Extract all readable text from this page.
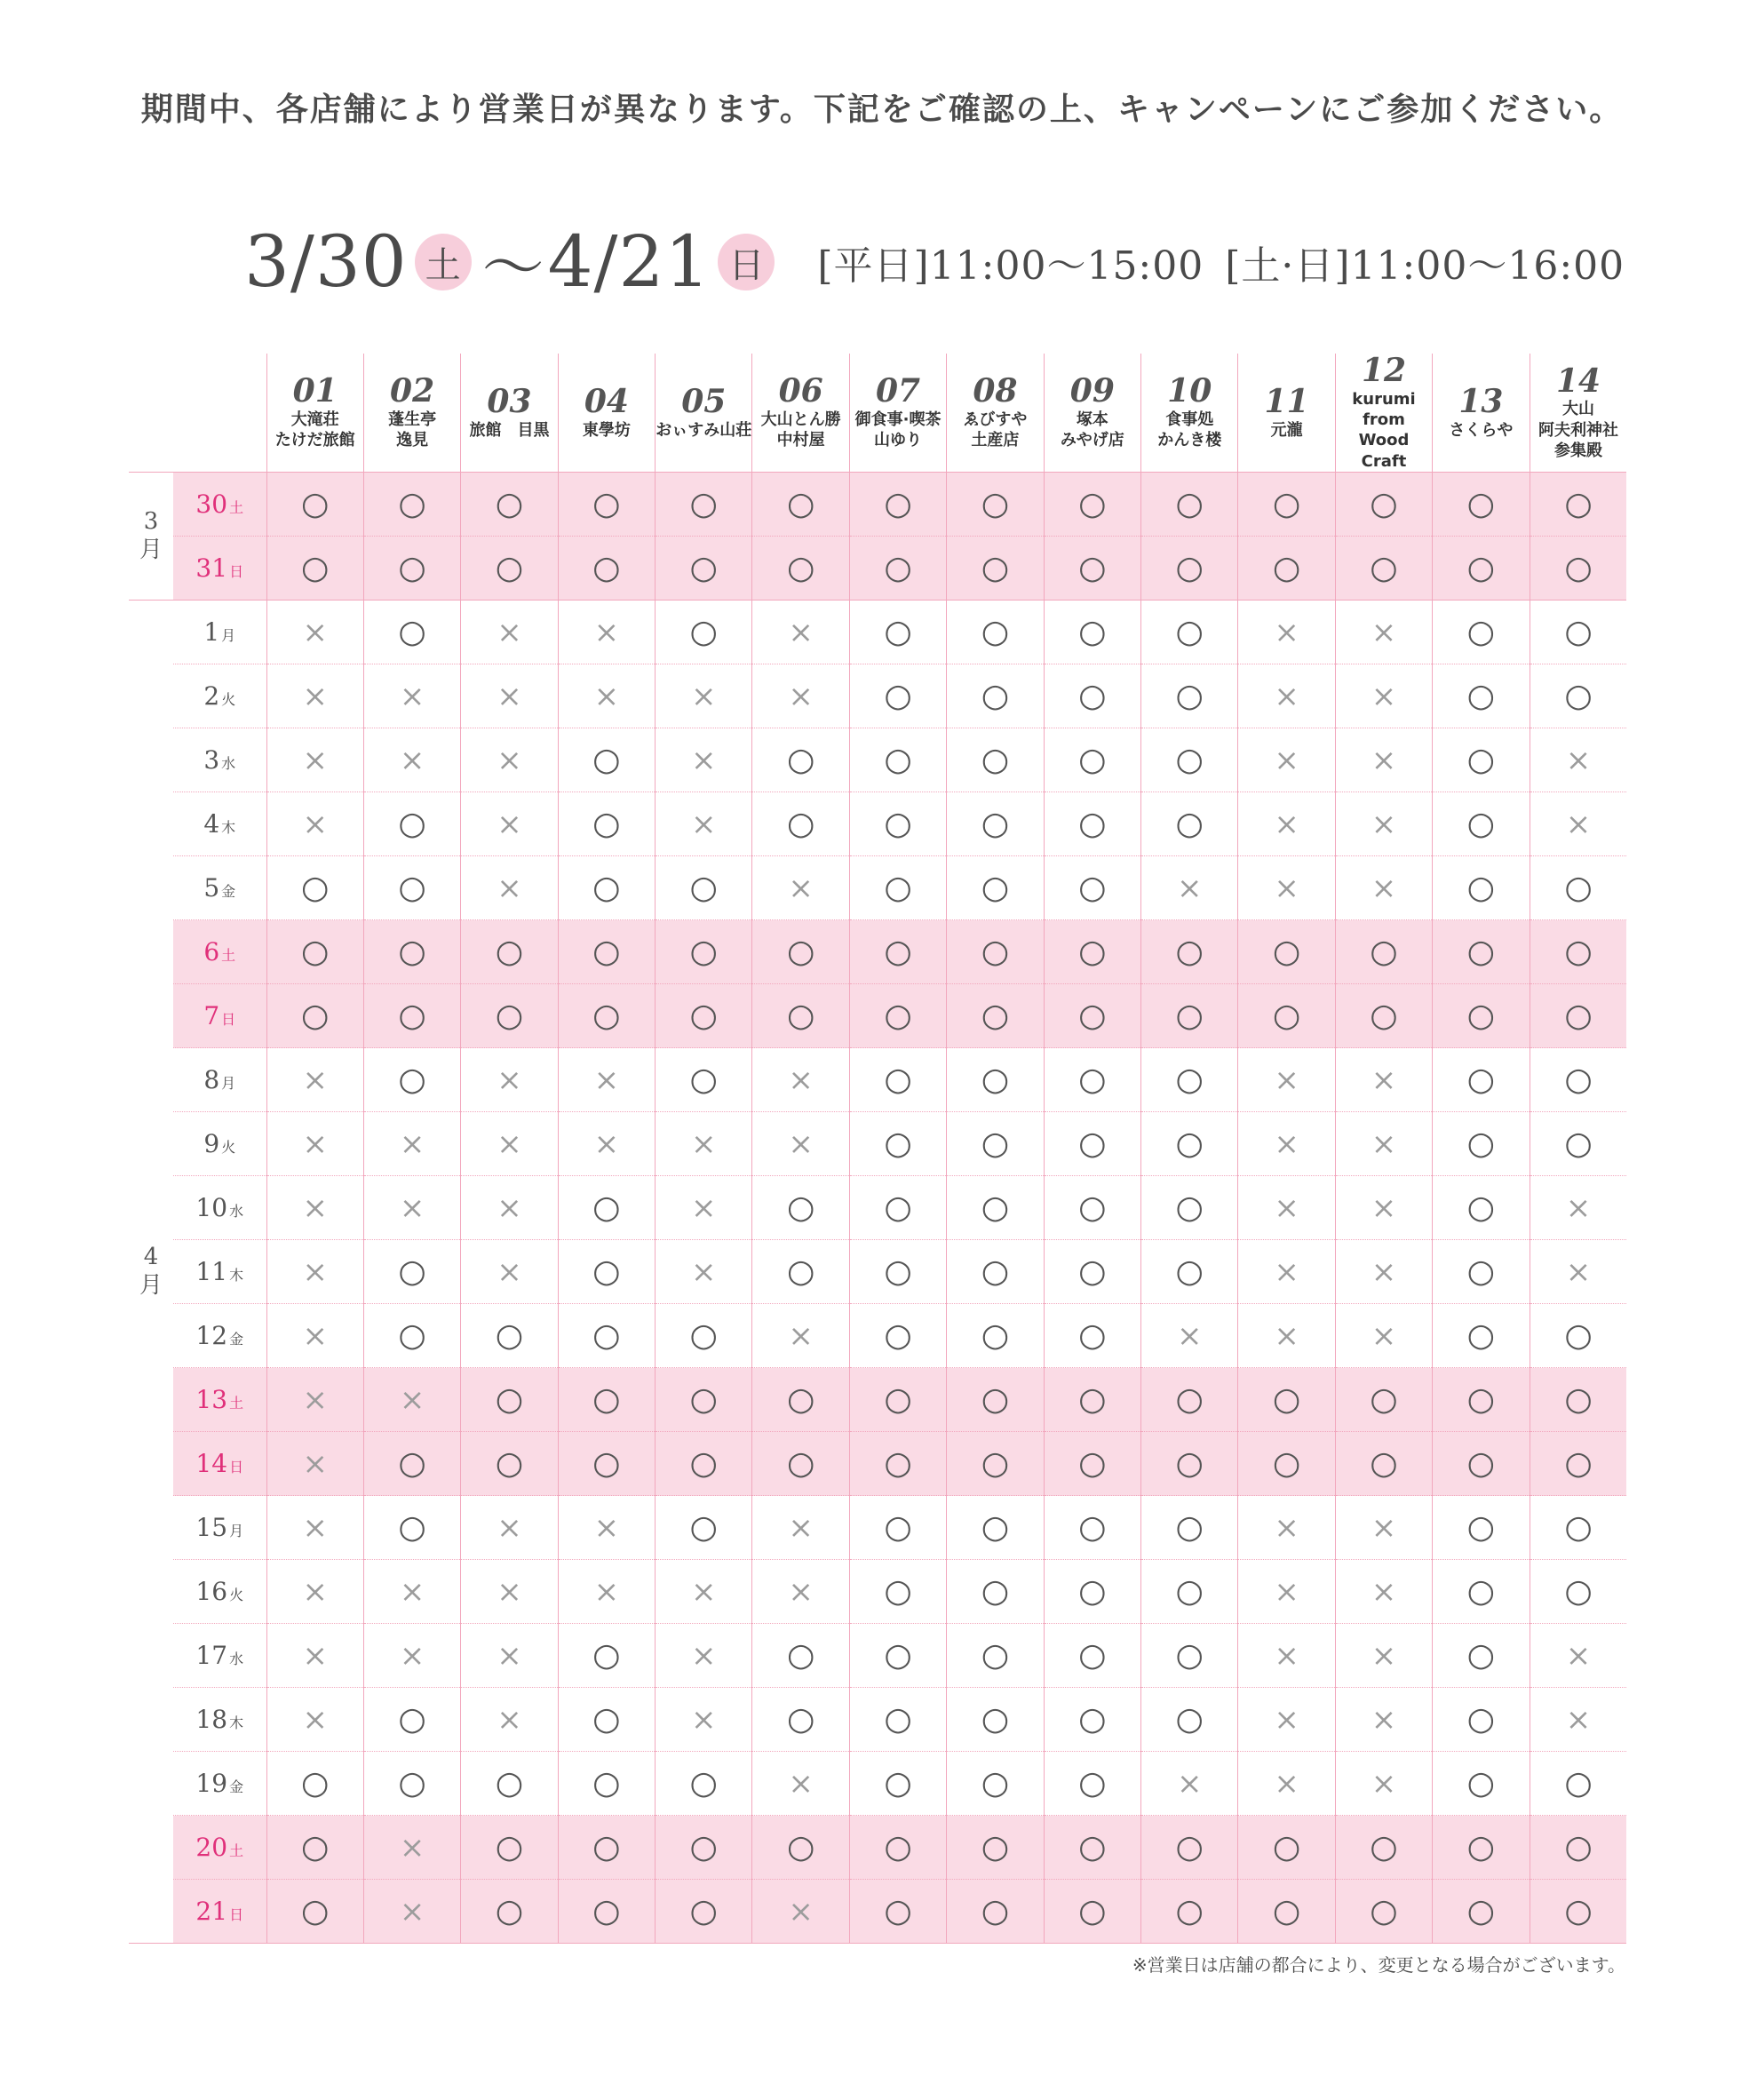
期間中、各店舗により営業日が異なります。下記をご確認の上、キャンペーンにご参加ください。
3/30 土 ～ 4/21 日 [平日]11:00～15:00 [土·日]11:00～16:00

		01
大滝荘
たけだ旅館	02
蓬生亭
逸見	03
旅館　目黒	04
東學坊	05
おぃすみ山荘	06
大山とん勝
中村屋	07
御食事·喫茶
山ゆり	08
ゑびすや
土産店	09
塚本
みやげ店	10
食事処
かんき楼	11
元瀧	12
kurumi
from
Wood Craft	13
さくらや	14
大山
阿夫利神社
参集殿

3
月	30 土	○	○	○	○	○	○	○	○	○	○	○	○	○	○
	31 日	○	○	○	○	○	○	○	○	○	○	○	○	○	○
4
月	1 月	×	○	×	×	○	×	○	○	○	○	×	×	○	○
	2 火	×	×	×	×	×	×	○	○	○	○	×	×	○	○
	3 水	×	×	×	○	×	○	○	○	○	○	×	×	○	×
	4 木	×	○	×	○	×	○	○	○	○	○	×	×	○	×
	5 金	○	○	×	○	○	×	○	○	○	×	×	×	○	○
	6 土	○	○	○	○	○	○	○	○	○	○	○	○	○	○
	7 日	○	○	○	○	○	○	○	○	○	○	○	○	○	○
	8 月	×	○	×	×	○	×	○	○	○	○	×	×	○	○
	9 火	×	×	×	×	×	×	○	○	○	○	×	×	○	○
	10 水	×	×	×	○	×	○	○	○	○	○	×	×	○	×
	11 木	×	○	×	○	×	○	○	○	○	○	×	×	○	×
	12 金	×	○	○	○	○	×	○	○	○	×	×	×	○	○
	13 土	×	×	○	○	○	○	○	○	○	○	○	○	○	○
	14 日	×	○	○	○	○	○	○	○	○	○	○	○	○	○
	15 月	×	○	×	×	○	×	○	○	○	○	×	×	○	○
	16 火	×	×	×	×	×	×	○	○	○	○	×	×	○	○
	17 水	×	×	×	○	×	○	○	○	○	○	×	×	○	×
	18 木	×	○	×	○	×	○	○	○	○	○	×	×	○	×
	19 金	○	○	○	○	○	×	○	○	○	×	×	×	○	○
	20 土	○	×	○	○	○	○	○	○	○	○	○	○	○	○
	21 日	○	×	○	○	○	×	○	○	○	○	○	○	○	○
※営業日は店舗の都合により、変更となる場合がございます。
